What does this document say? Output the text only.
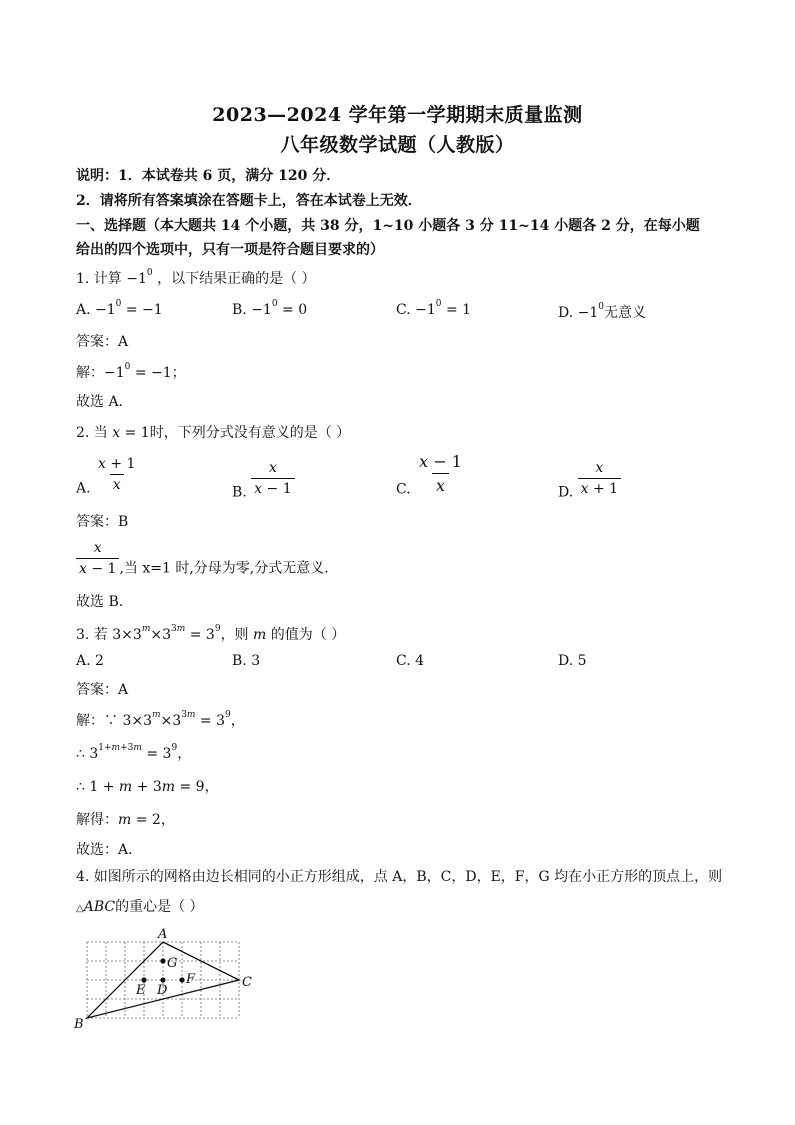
2023—2024 学年第一学期期末质量监测
八年级数学试题（人教版）
说明：1．本试卷共 6 页，满分 120 分．
2．请将所有答案填涂在答题卡上，答在本试卷上无效．
一、选择题（本大题共 14 个小题，共 38 分，1~10 小题各 3 分 11~14 小题各 2 分，在每小题
给出的四个选项中，只有一项是符合题目要求的）
1. 计算 $-1^0$ ，以下结果正确的是（ ）
A. $-1^0 = -1$	B. $-1^0 = 0$	C. $-1^0 = 1$	D. $-1^0$无意义
答案：A
解：$-1^0 = -1$；
故选 A．
2. 当 x = 1时，下列分式没有意义的是（ ）
A. $\frac{x + 1}{x}$	B. $\frac{x}{x - 1}$	C. $\frac{x - 1}{x}$	D. $\frac{x}{x + 1}$
答案：B
$\frac{x}{x - 1}$ ,当 x=1 时,分母为零,分式无意义.
故选 B.
3. 若 $3\times 3^m\times 3^{3m} = 3^9$，则 m 的值为（ ）
A. 2	B. 3	C. 4	D. 5
答案：A
解：∵ $3\times 3^m\times 3^{3m} = 3^9$，
∴ $3^{1+m+3m} = 3^9$，
∴ 1 + m + 3m = 9，
解得：m = 2，
故选：A．
4. 如图所示的网格由边长相同的小正方形组成，点 A，B，C，D，E，F，G 均在小正方形的顶点上，则
△ABC的重心是（ ）
A
B
C
D
E
F
G
